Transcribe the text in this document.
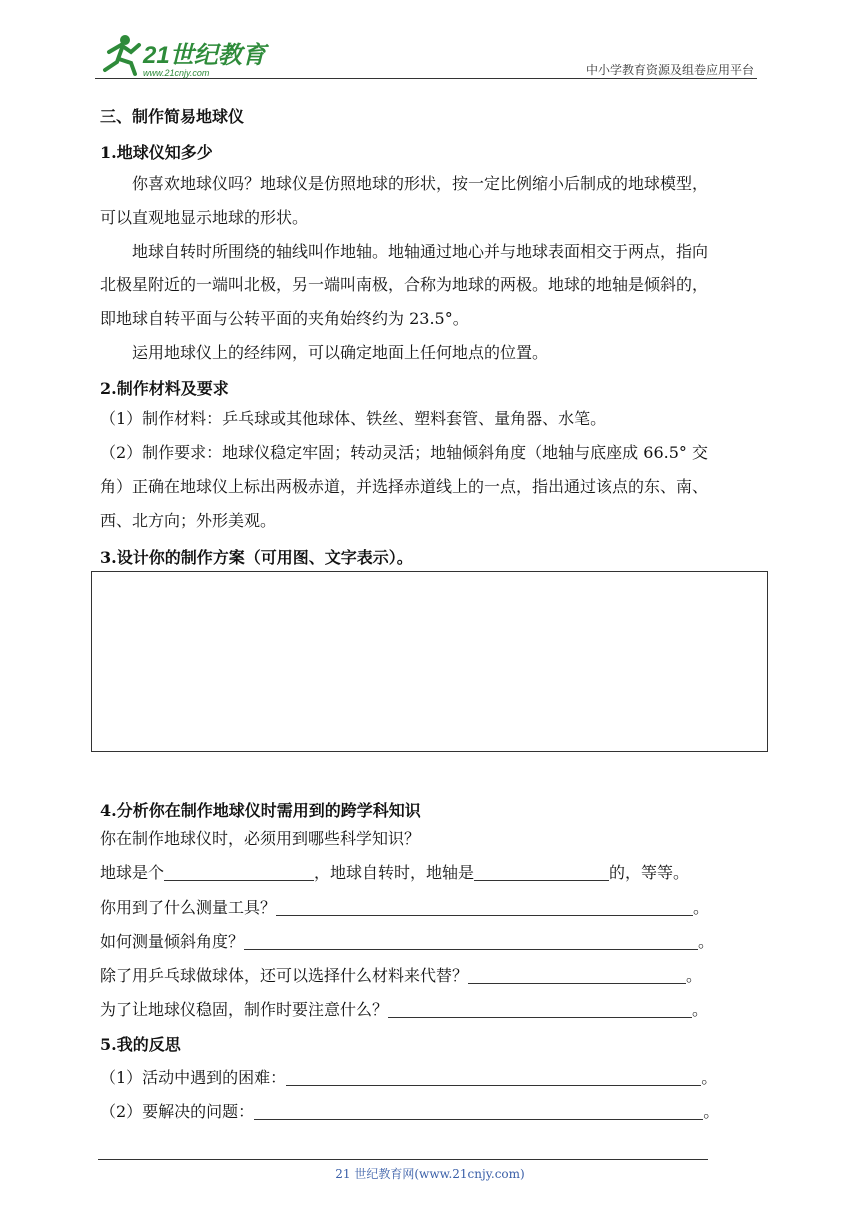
21世纪教育
www.21cnjy.com	中小学教育资源及组卷应用平台
三、制作简易地球仪
1.地球仪知多少
你喜欢地球仪吗？地球仪是仿照地球的形状，按一定比例缩小后制成的地球模型，
可以直观地显示地球的形状。
地球自转时所围绕的轴线叫作地轴。地轴通过地心并与地球表面相交于两点，指向
北极星附近的一端叫北极，另一端叫南极，合称为地球的两极。地球的地轴是倾斜的，
即地球自转平面与公转平面的夹角始终约为 23.5°。
运用地球仪上的经纬网，可以确定地面上任何地点的位置。
2.制作材料及要求
（1）制作材料：乒乓球或其他球体、铁丝、塑料套管、量角器、水笔。
（2）制作要求：地球仪稳定牢固；转动灵活；地轴倾斜角度（地轴与底座成 66.5° 交
角）正确在地球仪上标出两极赤道，并选择赤道线上的一点，指出通过该点的东、南、
西、北方向；外形美观。
3.设计你的制作方案（可用图、文字表示）。
4.分析你在制作地球仪时需用到的跨学科知识
你在制作地球仪时，必须用到哪些科学知识？
地球是个	，地球自转时，地轴是	的，等等。
你用到了什么测量工具？	。
如何测量倾斜角度？	。
除了用乒乓球做球体，还可以选择什么材料来代替？	。
为了让地球仪稳固，制作时要注意什么？	。
5.我的反思
（1）活动中遇到的困难：	。
（2）要解决的问题：	。
21 世纪教育网(www.21cnjy.com)
